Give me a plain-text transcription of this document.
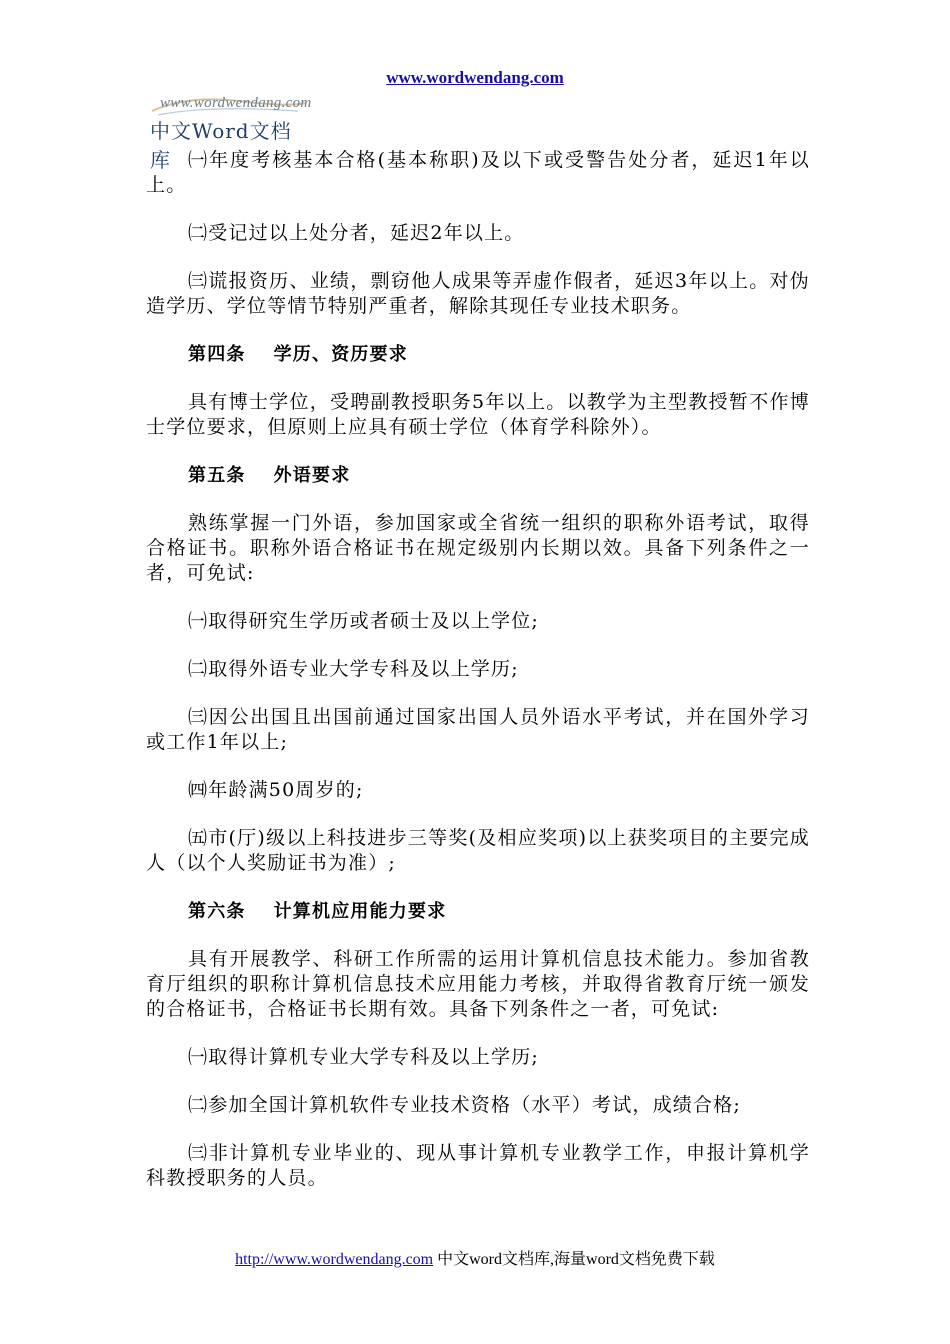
www.wordwendang.com
www.wordwendang.com
中文Word文档库 ㈠年度考核基本合格(基本称职)及以下或受警告处分者，延迟1年以上。

㈡受记过以上处分者，延迟2年以上。

㈢谎报资历、业绩，剽窃他人成果等弄虚作假者，延迟3年以上。对伪造学历、学位等情节特别严重者，解除其现任专业技术职务。

第四条 学历、资历要求

具有博士学位，受聘副教授职务5年以上。以教学为主型教授暂不作博士学位要求，但原则上应具有硕士学位（体育学科除外）。

第五条 外语要求

熟练掌握一门外语，参加国家或全省统一组织的职称外语考试，取得合格证书。职称外语合格证书在规定级别内长期以效。具备下列条件之一者，可免试:

㈠取得研究生学历或者硕士及以上学位;

㈡取得外语专业大学专科及以上学历;

㈢因公出国且出国前通过国家出国人员外语水平考试，并在国外学习或工作1年以上;

㈣年龄满50周岁的;

㈤市(厅)级以上科技进步三等奖(及相应奖项)以上获奖项目的主要完成人（以个人奖励证书为准）;

第六条 计算机应用能力要求

具有开展教学、科研工作所需的运用计算机信息技术能力。参加省教育厅组织的职称计算机信息技术应用能力考核，并取得省教育厅统一颁发的合格证书，合格证书长期有效。具备下列条件之一者，可免试:

㈠取得计算机专业大学专科及以上学历;

㈡参加全国计算机软件专业技术资格（水平）考试，成绩合格;

㈢非计算机专业毕业的、现从事计算机专业教学工作，申报计算机学科教授职务的人员。

http://www.wordwendang.com 中文word文档库,海量word文档免费下载
